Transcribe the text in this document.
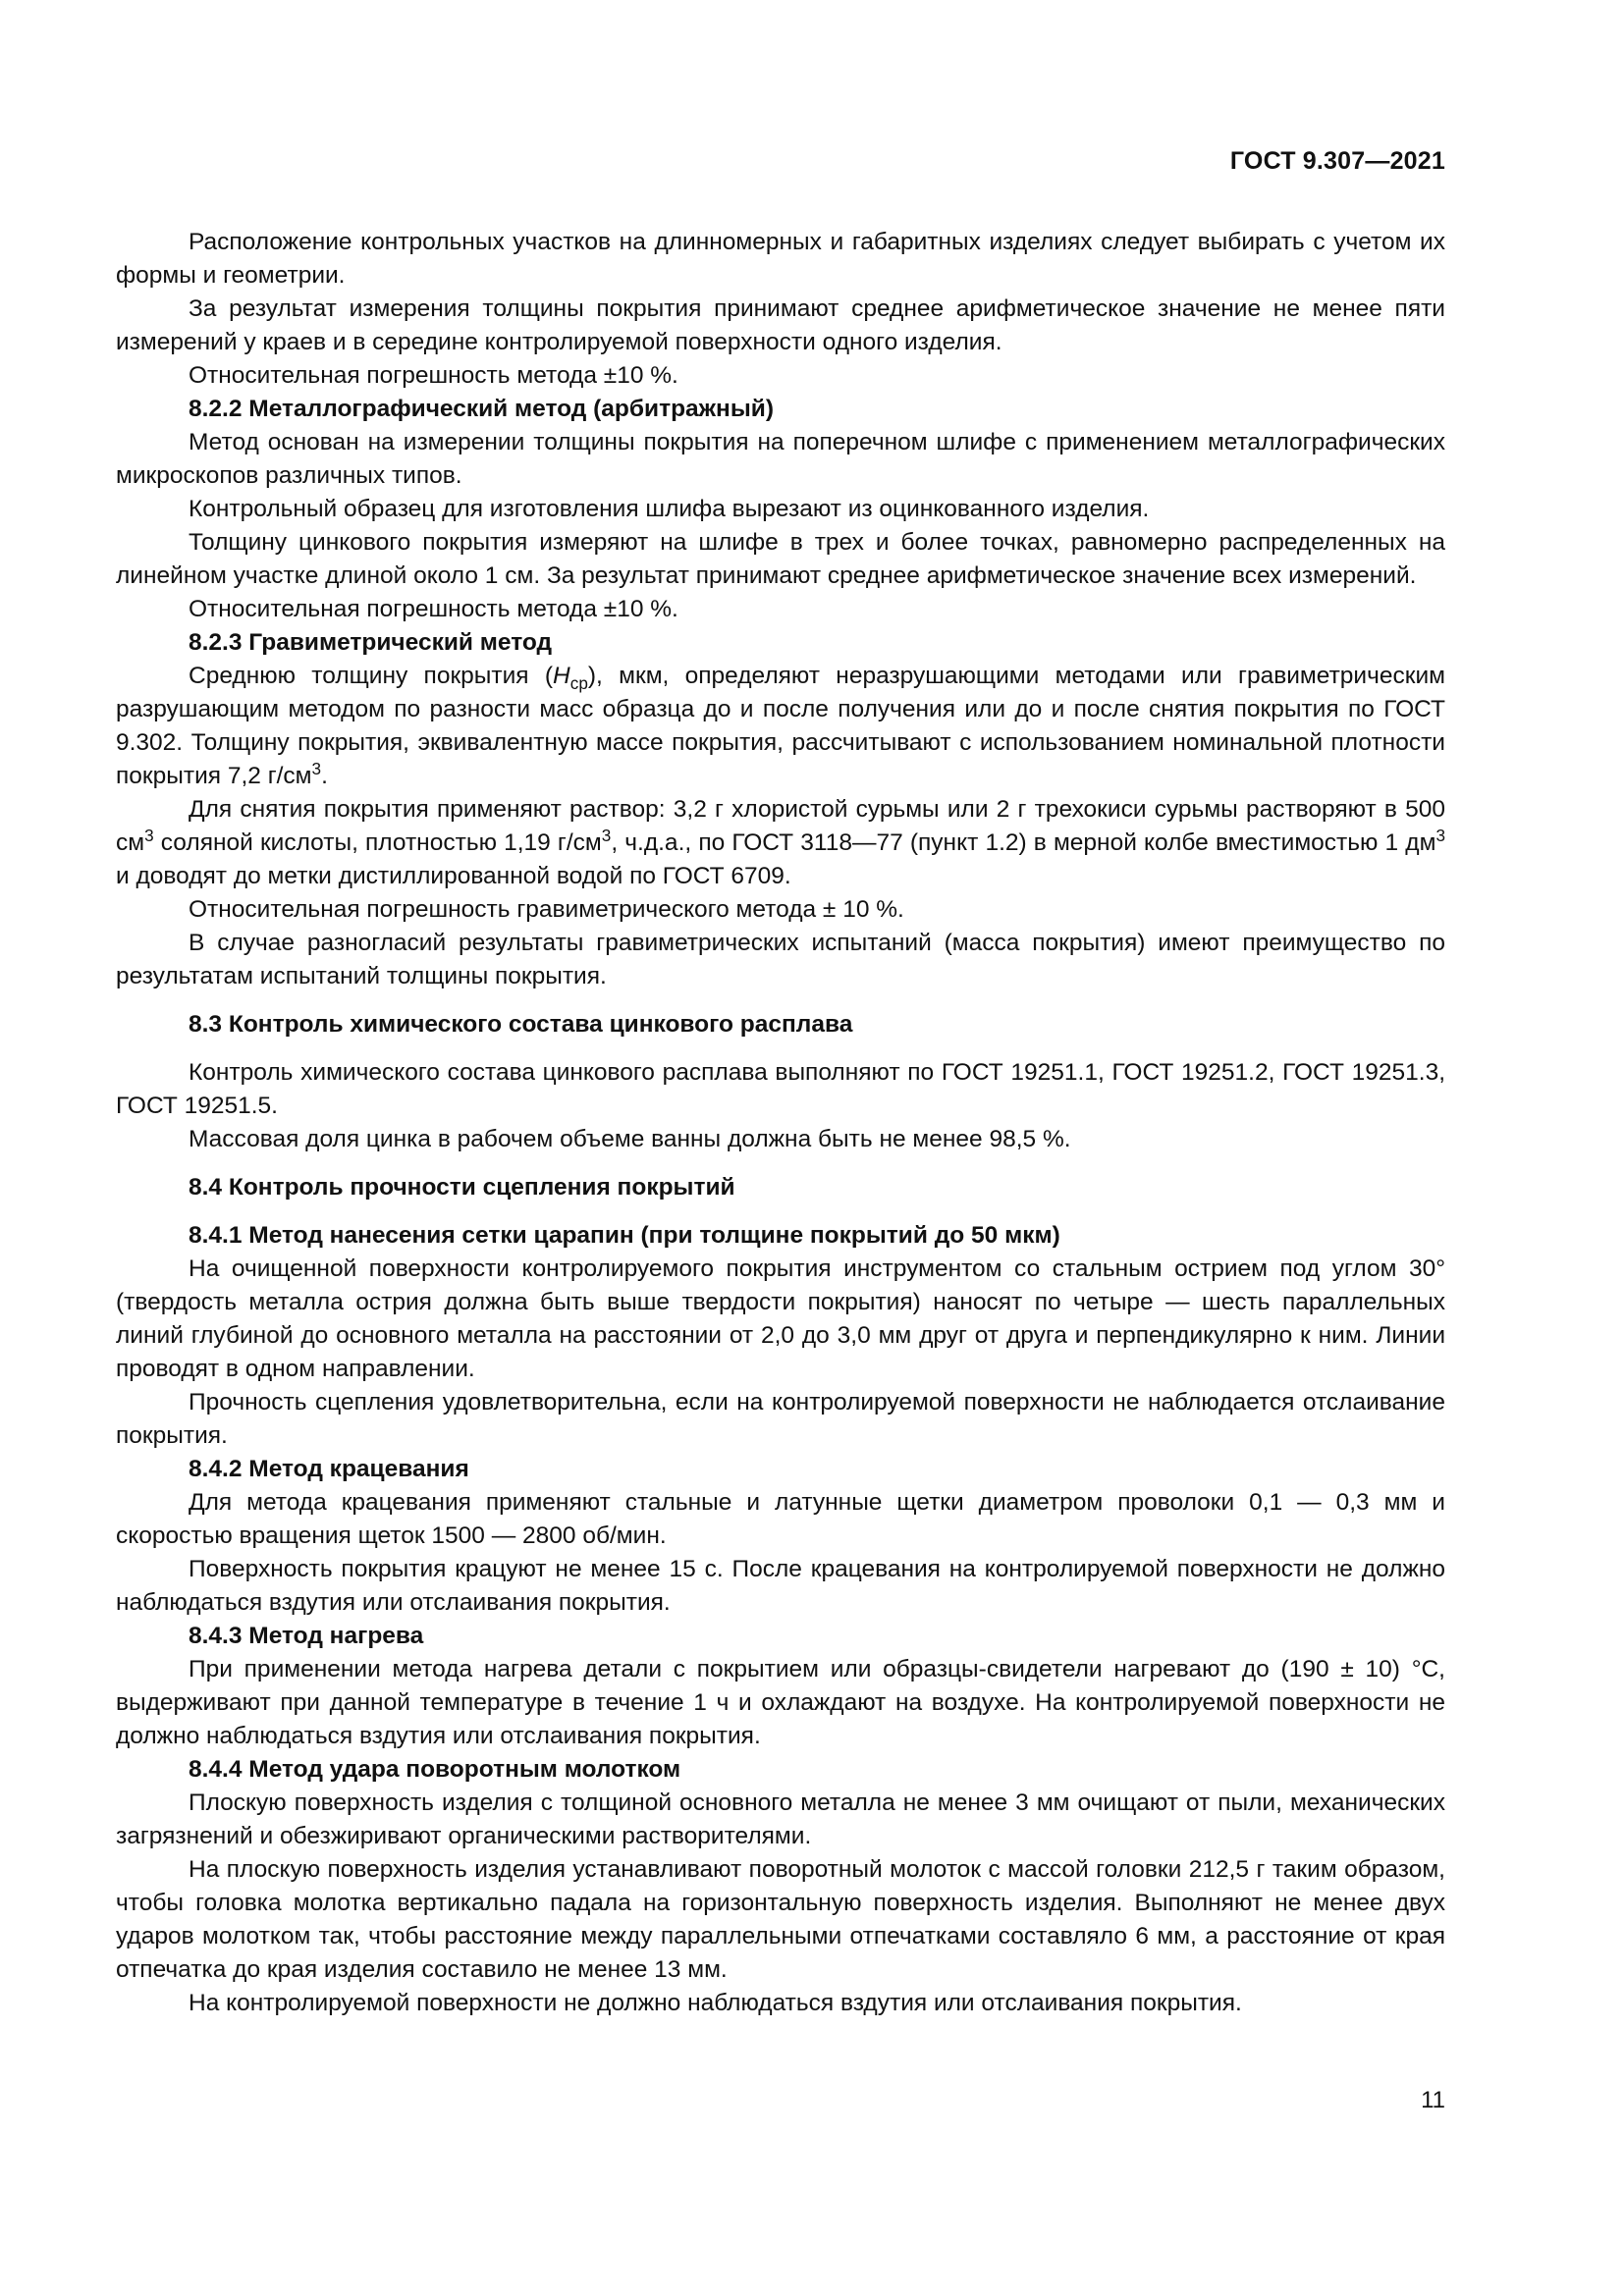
ГОСТ 9.307—2021

Расположение контрольных участков на длинномерных и габаритных изделиях следует выбирать с учетом их формы и геометрии.

За результат измерения толщины покрытия принимают среднее арифметическое значение не менее пяти измерений у краев и в середине контролируемой поверхности одного изделия.

Относительная погрешность метода ±10 %.

8.2.2 Металлографический метод (арбитражный)

Метод основан на измерении толщины покрытия на поперечном шлифе с применением металлографических микроскопов различных типов.

Контрольный образец для изготовления шлифа вырезают из оцинкованного изделия.

Толщину цинкового покрытия измеряют на шлифе в трех и более точках, равномерно распределенных на линейном участке длиной около 1 см. За результат принимают среднее арифметическое значение всех измерений.

Относительная погрешность метода ±10 %.

8.2.3 Гравиметрический метод

Среднюю толщину покрытия $(H_{ср})$, мкм, определяют неразрушающими методами или гравиметрическим разрушающим методом по разности масс образца до и после получения или до и после снятия покрытия по ГОСТ 9.302. Толщину покрытия, эквивалентную массе покрытия, рассчитывают с использованием номинальной плотности покрытия 7,2 $г/см^3$.

Для снятия покрытия применяют раствор: 3,2 г хлористой сурьмы или 2 г трехокиси сурьмы растворяют в 500 $см^3$ соляной кислоты, плотностью 1,19 $г/см^3$, ч.д.а., по ГОСТ 3118—77 (пункт 1.2) в мерной колбе вместимостью 1 $дм^3$ и доводят до метки дистиллированной водой по ГОСТ 6709.

Относительная погрешность гравиметрического метода ± 10 %.

В случае разногласий результаты гравиметрических испытаний (масса покрытия) имеют преимущество по результатам испытаний толщины покрытия.

8.3 Контроль химического состава цинкового расплава

Контроль химического состава цинкового расплава выполняют по ГОСТ 19251.1, ГОСТ 19251.2, ГОСТ 19251.3, ГОСТ 19251.5.

Массовая доля цинка в рабочем объеме ванны должна быть не менее 98,5 %.

8.4 Контроль прочности сцепления покрытий

8.4.1 Метод нанесения сетки царапин (при толщине покрытий до 50 мкм)

На очищенной поверхности контролируемого покрытия инструментом со стальным острием под углом 30° (твердость металла острия должна быть выше твердости покрытия) наносят по четыре — шесть параллельных линий глубиной до основного металла на расстоянии от 2,0 до 3,0 мм друг от друга и перпендикулярно к ним. Линии проводят в одном направлении.

Прочность сцепления удовлетворительна, если на контролируемой поверхности не наблюдается отслаивание покрытия.

8.4.2 Метод крацевания

Для метода крацевания применяют стальные и латунные щетки диаметром проволоки 0,1 — 0,3 мм и скоростью вращения щеток 1500 — 2800 об/мин.

Поверхность покрытия крацуют не менее 15 с. После крацевания на контролируемой поверхности не должно наблюдаться вздутия или отслаивания покрытия.

8.4.3 Метод нагрева

При применении метода нагрева детали с покрытием или образцы-свидетели нагревают до (190 ± 10) °С, выдерживают при данной температуре в течение 1 ч и охлаждают на воздухе. На контролируемой поверхности не должно наблюдаться вздутия или отслаивания покрытия.

8.4.4 Метод удара поворотным молотком

Плоскую поверхность изделия с толщиной основного металла не менее 3 мм очищают от пыли, механических загрязнений и обезжиривают органическими растворителями.

На плоскую поверхность изделия устанавливают поворотный молоток с массой головки 212,5 г таким образом, чтобы головка молотка вертикально падала на горизонтальную поверхность изделия. Выполняют не менее двух ударов молотком так, чтобы расстояние между параллельными отпечатками составляло 6 мм, а расстояние от края отпечатка до края изделия составило не менее 13 мм.

На контролируемой поверхности не должно наблюдаться вздутия или отслаивания покрытия.

11
